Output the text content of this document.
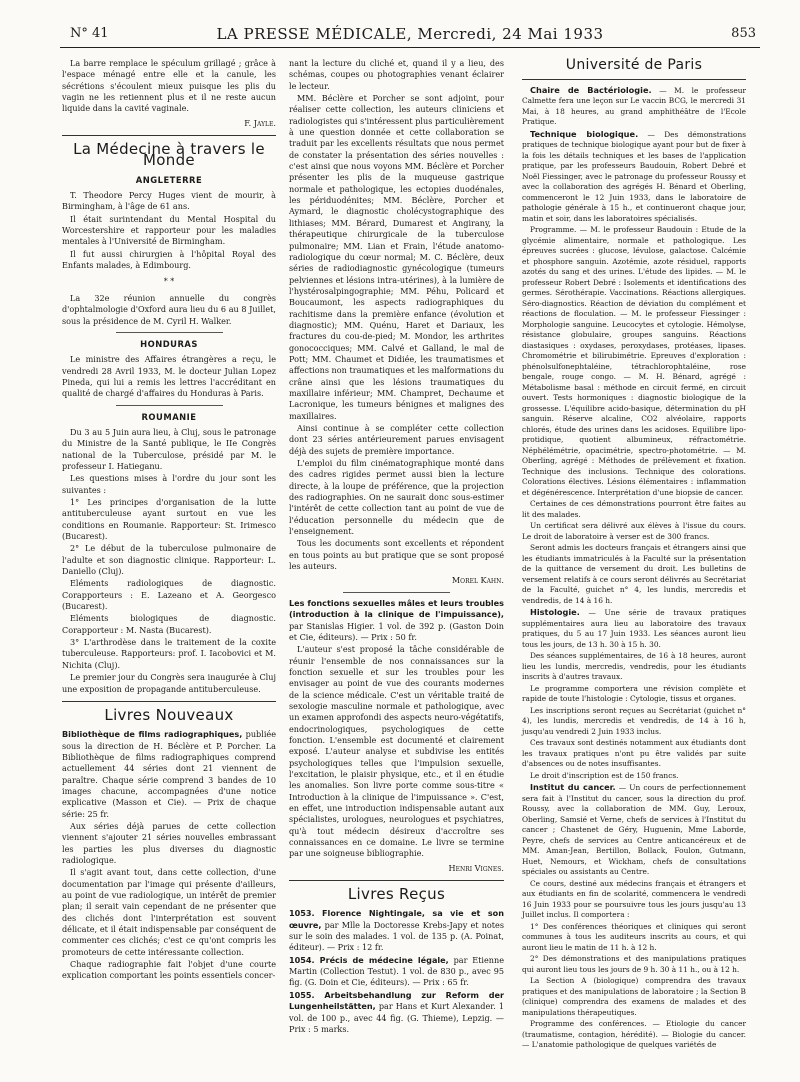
N° 41	LA PRESSE MÉDICALE, Mercredi, 24 Mai 1933	853

La barre remplace le spéculum grillagé ; grâce à l'espace ménagé entre elle et la canule, les sécrétions s'écoulent mieux puisque les plis du vagin ne les retiennent plus et il ne reste aucun liquide dans la cavité vaginale.

F. Jayle.

La Médecine à travers le Monde
ANGLETERRE

T. Theodore Percy Huges vient de mourir, à Birmingham, à l'âge de 61 ans.

Il était surintendant du Mental Hospital du Worcestershire et rapporteur pour les maladies mentales à l'Université de Birmingham.

Il fut aussi chirurgien à l'hôpital Royal des Enfants malades, à Edimbourg.

* *

La 32e réunion annuelle du congrès d'ophtalmologie d'Oxford aura lieu du 6 au 8 Juillet, sous la présidence de M. Cyril H. Walker.

HONDURAS

Le ministre des Affaires étrangères a reçu, le vendredi 28 Avril 1933, M. le docteur Julian Lopez Pineda, qui lui a remis les lettres l'accréditant en qualité de chargé d'affaires du Honduras à Paris.

ROUMANIE

Du 3 au 5 Juin aura lieu, à Cluj, sous le patronage du Ministre de la Santé publique, le IIe Congrès national de la Tuberculose, présidé par M. le professeur I. Hatieganu.

Les questions mises à l'ordre du jour sont les suivantes :

1° Les principes d'organisation de la lutte antituberculeuse ayant surtout en vue les conditions en Roumanie. Rapporteur: St. Irimesco (Bucarest).

2° Le début de la tuberculose pulmonaire de l'adulte et son diagnostic clinique. Rapporteur: L. Daniello (Cluj).

Eléments radiologiques de diagnostic. Corapporteurs : E. Lazeano et A. Georgesco (Bucarest).

Eléments biologiques de diagnostic. Corapporteur : M. Nasta (Bucarest).

3° L'arthrodèse dans le traitement de la coxite tuberculeuse. Rapporteurs: prof. I. Iacobovici et M. Nichita (Cluj).

Le premier jour du Congrès sera inaugurée à Cluj une exposition de propagande antituberculeuse.

Livres Nouveaux

Bibliothèque de films radiographiques, publiée sous la direction de H. Béclère et P. Porcher. La Bibliothèque de films radiographiques comprend actuellement 44 séries dont 21 viennent de paraître. Chaque série comprend 3 bandes de 10 images chacune, accompagnées d'une notice explicative (Masson et Cie). — Prix de chaque série: 25 fr.

Aux séries déjà parues de cette collection viennent s'ajouter 21 séries nouvelles embrassant les parties les plus diverses du diagnostic radiologique.

Il s'agit avant tout, dans cette collection, d'une documentation par l'image qui présente d'ailleurs, au point de vue radiologique, un intérêt de premier plan; il serait vain cependant de ne présenter que des clichés dont l'interprétation est souvent délicate, et il était indispensable par conséquent de commenter ces clichés; c'est ce qu'ont compris les promoteurs de cette intéressante collection.

Chaque radiographie fait l'objet d'une courte explication comportant les points essentiels concer-

nant la lecture du cliché et, quand il y a lieu, des schémas, coupes ou photographies venant éclairer le lecteur.

MM. Béclère et Porcher se sont adjoint, pour réaliser cette collection, les auteurs cliniciens et radiologistes qui s'intéressent plus particulièrement à une question donnée et cette collaboration se traduit par les excellents résultats que nous permet de constater la présentation des séries nouvelles : c'est ainsi que nous voyons MM. Béclère et Porcher présenter les plis de la muqueuse gastrique normale et pathologique, les ectopies duodénales, les périduodénites; MM. Béclère, Porcher et Aymard, le diagnostic cholécystographique des lithiases; MM. Bérard, Dumarest et Angirany, la thérapeutique chirurgicale de la tuberculose pulmonaire; MM. Lian et Frain, l'étude anatomo-radiologique du cœur normal; M. C. Béclère, deux séries de radiodiagnostic gynécologique (tumeurs pelviennes et lésions intra-utérines), à la lumière de l'hystérosalpingographie; MM. Péhu, Policard et Boucaumont, les aspects radiographiques du rachitisme dans la première enfance (évolution et diagnostic); MM. Quénu, Haret et Dariaux, les fractures du cou-de-pied; M. Mondor, les arthrites gonococciques; MM. Calvé et Galland, le mal de Pott; MM. Chaumet et Didiée, les traumatismes et affections non traumatiques et les malformations du crâne ainsi que les lésions traumatiques du maxillaire inférieur; MM. Champret, Dechaume et Lacronique, les tumeurs bénignes et malignes des maxillaires.

Ainsi continue à se compléter cette collection dont 23 séries antérieurement parues envisagent déjà des sujets de première importance.

L'emploi du film cinématographique monté dans des cadres rigides permet aussi bien la lecture directe, à la loupe de préférence, que la projection des radiographies. On ne saurait donc sous-estimer l'intérêt de cette collection tant au point de vue de l'éducation personnelle du médecin que de l'enseignement.

Tous les documents sont excellents et répondent en tous points au but pratique que se sont proposé les auteurs.

Morel Kahn.

Les fonctions sexuelles mâles et leurs troubles (introduction à la clinique de l'impuissance), par Stanislas Higier. 1 vol. de 392 p. (Gaston Doin et Cie, éditeurs). — Prix : 50 fr.

L'auteur s'est proposé la tâche considérable de réunir l'ensemble de nos connaissances sur la fonction sexuelle et sur les troubles pour les envisager au point de vue des courants modernes de la science médicale. C'est un véritable traité de sexologie masculine normale et pathologique, avec un examen approfondi des aspects neuro-végétatifs, endocrinologiques, psychologiques de cette fonction. L'ensemble est documenté et clairement exposé. L'auteur analyse et subdivise les entités psychologiques telles que l'impulsion sexuelle, l'excitation, le plaisir physique, etc., et il en étudie les anomalies. Son livre porte comme sous-titre « Introduction à la clinique de l'impuissance ». C'est, en effet, une introduction indispensable autant aux spécialistes, urologues, neurologues et psychiatres, qu'à tout médecin désireux d'accroître ses connaissances en ce domaine. Le livre se termine par une soigneuse bibliographie.

Henri Vignes.

Livres Reçus

1053. Florence Nightingale, sa vie et son œuvre, par Mlle la Doctoresse Krebs-Japy et notes sur le soin des malades. 1 vol. de 135 p. (A. Poinat, éditeur). — Prix : 12 fr.

1054. Précis de médecine légale, par Etienne Martin (Collection Testut). 1 vol. de 830 p., avec 95 fig. (G. Doin et Cie, éditeurs). — Prix : 65 fr.

1055. Arbeitsbehandlung zur Reform der Lungenheilstätten, par Hans et Kurt Alexander. 1 vol. de 100 p., avec 44 fig. (G. Thieme), Lepzig. — Prix : 5 marks.

Université de Paris

Chaire de Bactériologie. — M. le professeur Calmette fera une leçon sur Le vaccin BCG, le mercredi 31 Mai, à 18 heures, au grand amphithéâtre de l'Ecole Pratique.

Technique biologique. — Des démonstrations pratiques de technique biologique ayant pour but de fixer à la fois les détails techniques et les bases de l'application pratique, par les professeurs Baudouin, Robert Debré et Noël Fiessinger, avec le patronage du professeur Roussy et avec la collaboration des agrégés H. Bénard et Oberling, commenceront le 12 Juin 1933, dans le laboratoire de pathologie générale à 15 h., et continueront chaque jour, matin et soir, dans les laboratoires spécialisés.

Programme. — M. le professeur Baudouin : Etude de la glycémie alimentaire, normale et pathologique. Les épreuves sucrées : glucose, lévulose, galactose. Calcémie et phosphore sanguin. Azotémie, azote résiduel, rapports azotés du sang et des urines. L'étude des lipides. — M. le professeur Robert Debré : Isolements et identifications des germes. Sérothérapie. Vaccinations. Réactions allergiques. Séro-diagnostics. Réaction de déviation du complément et réactions de floculation. — M. le professeur Fiessinger : Morphologie sanguine. Leucocytes et cytologie. Hémolyse, résistance globulaire, groupes sanguins. Réactions diastasiques : oxydases, peroxydases, protéases, lipases. Chromométrie et bilirubimétrie. Epreuves d'exploration : phénolsulfonephtaléine, tétrachlorophtaléine, rose bengale, rouge congo. — M. H. Bénard, agrégé : Métabolisme basal : méthode en circuit fermé, en circuit ouvert. Tests hormoniques : diagnostic biologique de la grossesse. L'équilibre acido-basique, détermination du pH sanguin. Réserve alcaline, CO2 alvéolaire, rapports chlorés, étude des urines dans les acidoses. Equilibre lipo-protidique, quotient albumineux, réfractométrie. Néphélémétrie, opacimétrie, spectro-photométrie. — M. Oberling, agrégé : Méthodes de prélèvement et fixation. Technique des inclusions. Technique des colorations. Colorations électives. Lésions élémentaires : inflammation et dégénérescence. Interprétation d'une biopsie de cancer.

Certaines de ces démonstrations pourront être faites au lit des malades.

Un certificat sera délivré aux élèves à l'issue du cours. Le droit de laboratoire à verser est de 300 francs.

Seront admis les docteurs français et étrangers ainsi que les étudiants immatriculés à la Faculté sur la présentation de la quittance de versement du droit. Les bulletins de versement relatifs à ce cours seront délivrés au Secrétariat de la Faculté, guichet n° 4, les lundis, mercredis et vendredis, de 14 à 16 h.

Histologie. — Une série de travaux pratiques supplémentaires aura lieu au laboratoire des travaux pratiques, du 5 au 17 Juin 1933. Les séances auront lieu tous les jours, de 13 h. 30 à 15 h. 30.

Des séances supplémentaires, de 16 à 18 heures, auront lieu les lundis, mercredis, vendredis, pour les étudiants inscrits à d'autres travaux.

Le programme comportera une révision complète et rapide de toute l'histologie : Cytologie, tissus et organes.

Les inscriptions seront reçues au Secrétariat (guichet n° 4), les lundis, mercredis et vendredis, de 14 à 16 h, jusqu'au vendredi 2 Juin 1933 inclus.

Ces travaux sont destinés notamment aux étudiants dont les travaux pratiques n'ont pu être validés par suite d'absences ou de notes insuffisantes.

Le droit d'inscription est de 150 francs.

Institut du cancer. — Un cours de perfectionnement sera fait à l'Institut du cancer, sous la direction du prof. Roussy, avec la collaboration de MM. Guy, Leroux, Oberling, Samsié et Verne, chefs de services à l'Institut du cancer ; Chastenet de Géry, Huguenin, Mme Laborde, Peyre, chefs de services au Centre anticancéreux et de MM. Aman-Jean, Bertillon, Bollack, Foulon, Gutmann, Huet, Nemours, et Wickham, chefs de consultations spéciales ou assistants au Centre.

Ce cours, destiné aux médecins français et étrangers et aux étudiants en fin de scolarité, commencera le vendredi 16 Juin 1933 pour se poursuivre tous les jours jusqu'au 13 Juillet inclus. Il comportera :

1° Des conférences théoriques et cliniques qui seront communes à tous les auditeurs inscrits au cours, et qui auront lieu le matin de 11 h. à 12 h.

2° Des démonstrations et des manipulations pratiques qui auront lieu tous les jours de 9 h. 30 à 11 h., ou à 12 h.

La Section A (biologique) comprendra des travaux pratiques et des manipulations de laboratoire ; la Section B (clinique) comprendra des examens de malades et des manipulations thérapeutiques.

Programme des conférences. — Etiologie du cancer (traumatisme, contagion, hérédité). — Biologie du cancer. — L'anatomie pathologique de quelques variétés de
